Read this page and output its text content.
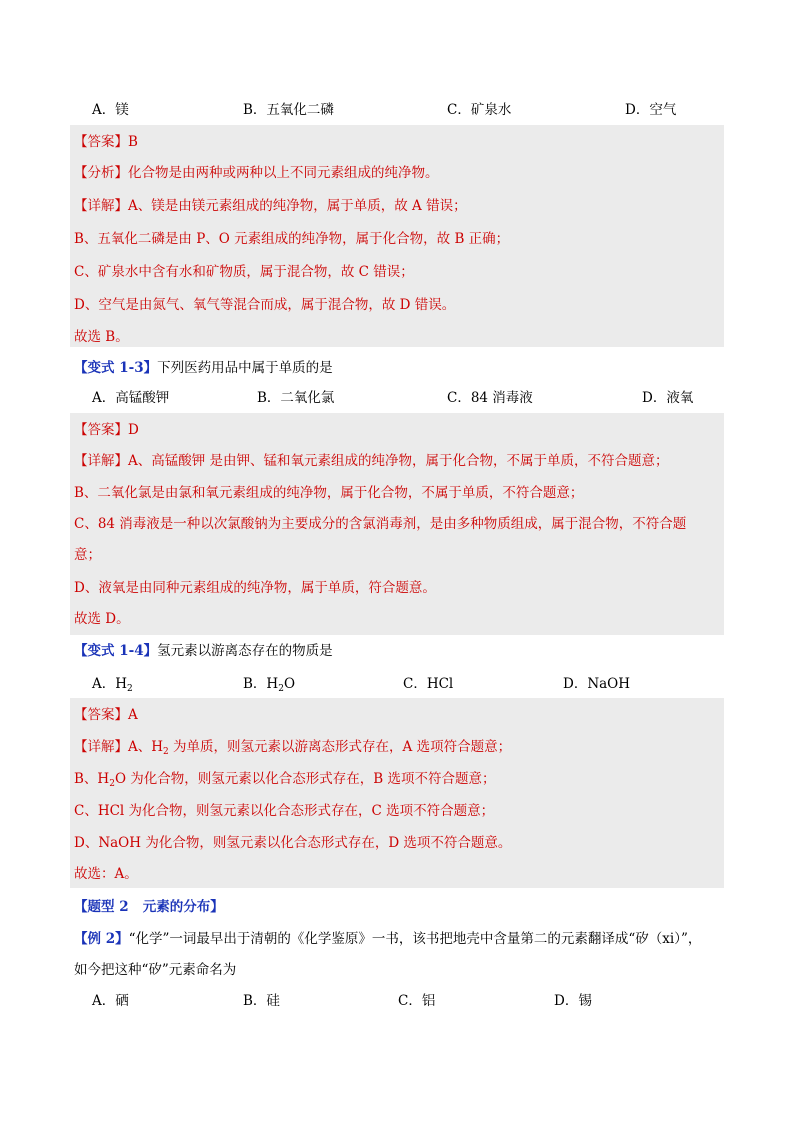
A．镁	B．五氧化二磷	C．矿泉水	D．空气
【答案】B
【分析】化合物是由两种或两种以上不同元素组成的纯净物。
【详解】A、镁是由镁元素组成的纯净物，属于单质，故 A 错误；
B、五氧化二磷是由 P、O 元素组成的纯净物，属于化合物，故 B 正确；
C、矿泉水中含有水和矿物质，属于混合物，故 C 错误；
D、空气是由氮气、氧气等混合而成，属于混合物，故 D 错误。
故选 B。
【变式 1-3】下列医药用品中属于单质的是
A．高锰酸钾	B．二氧化氯	C．84 消毒液	D．液氧
【答案】D
【详解】A、高锰酸钾 是由钾、锰和氧元素组成的纯净物，属于化合物，不属于单质，不符合题意；
B、二氧化氯是由氯和氧元素组成的纯净物，属于化合物，不属于单质，不符合题意；
C、84 消毒液是一种以次氯酸钠为主要成分的含氯消毒剂，是由多种物质组成，属于混合物，不符合题
意；
D、液氧是由同种元素组成的纯净物，属于单质，符合题意。
故选 D。
【变式 1-4】氢元素以游离态存在的物质是
A．$H_2$	B．$H_2O$	C．HCl	D．NaOH
【答案】A
【详解】A、$H_2$ 为单质，则氢元素以游离态形式存在，A 选项符合题意；
B、$H_2O$ 为化合物，则氢元素以化合态形式存在，B 选项不符合题意；
C、HCl 为化合物，则氢元素以化合态形式存在，C 选项不符合题意；
D、NaOH 为化合物，则氢元素以化合态形式存在，D 选项不符合题意。
故选：A。
【题型 2 元素的分布】
【例 2】“化学”一词最早出于清朝的《化学鉴原》一书，该书把地壳中含量第二的元素翻译成“矽（xi）”，
如今把这种“矽”元素命名为
A．硒	B．硅	C．铝	D．锡
